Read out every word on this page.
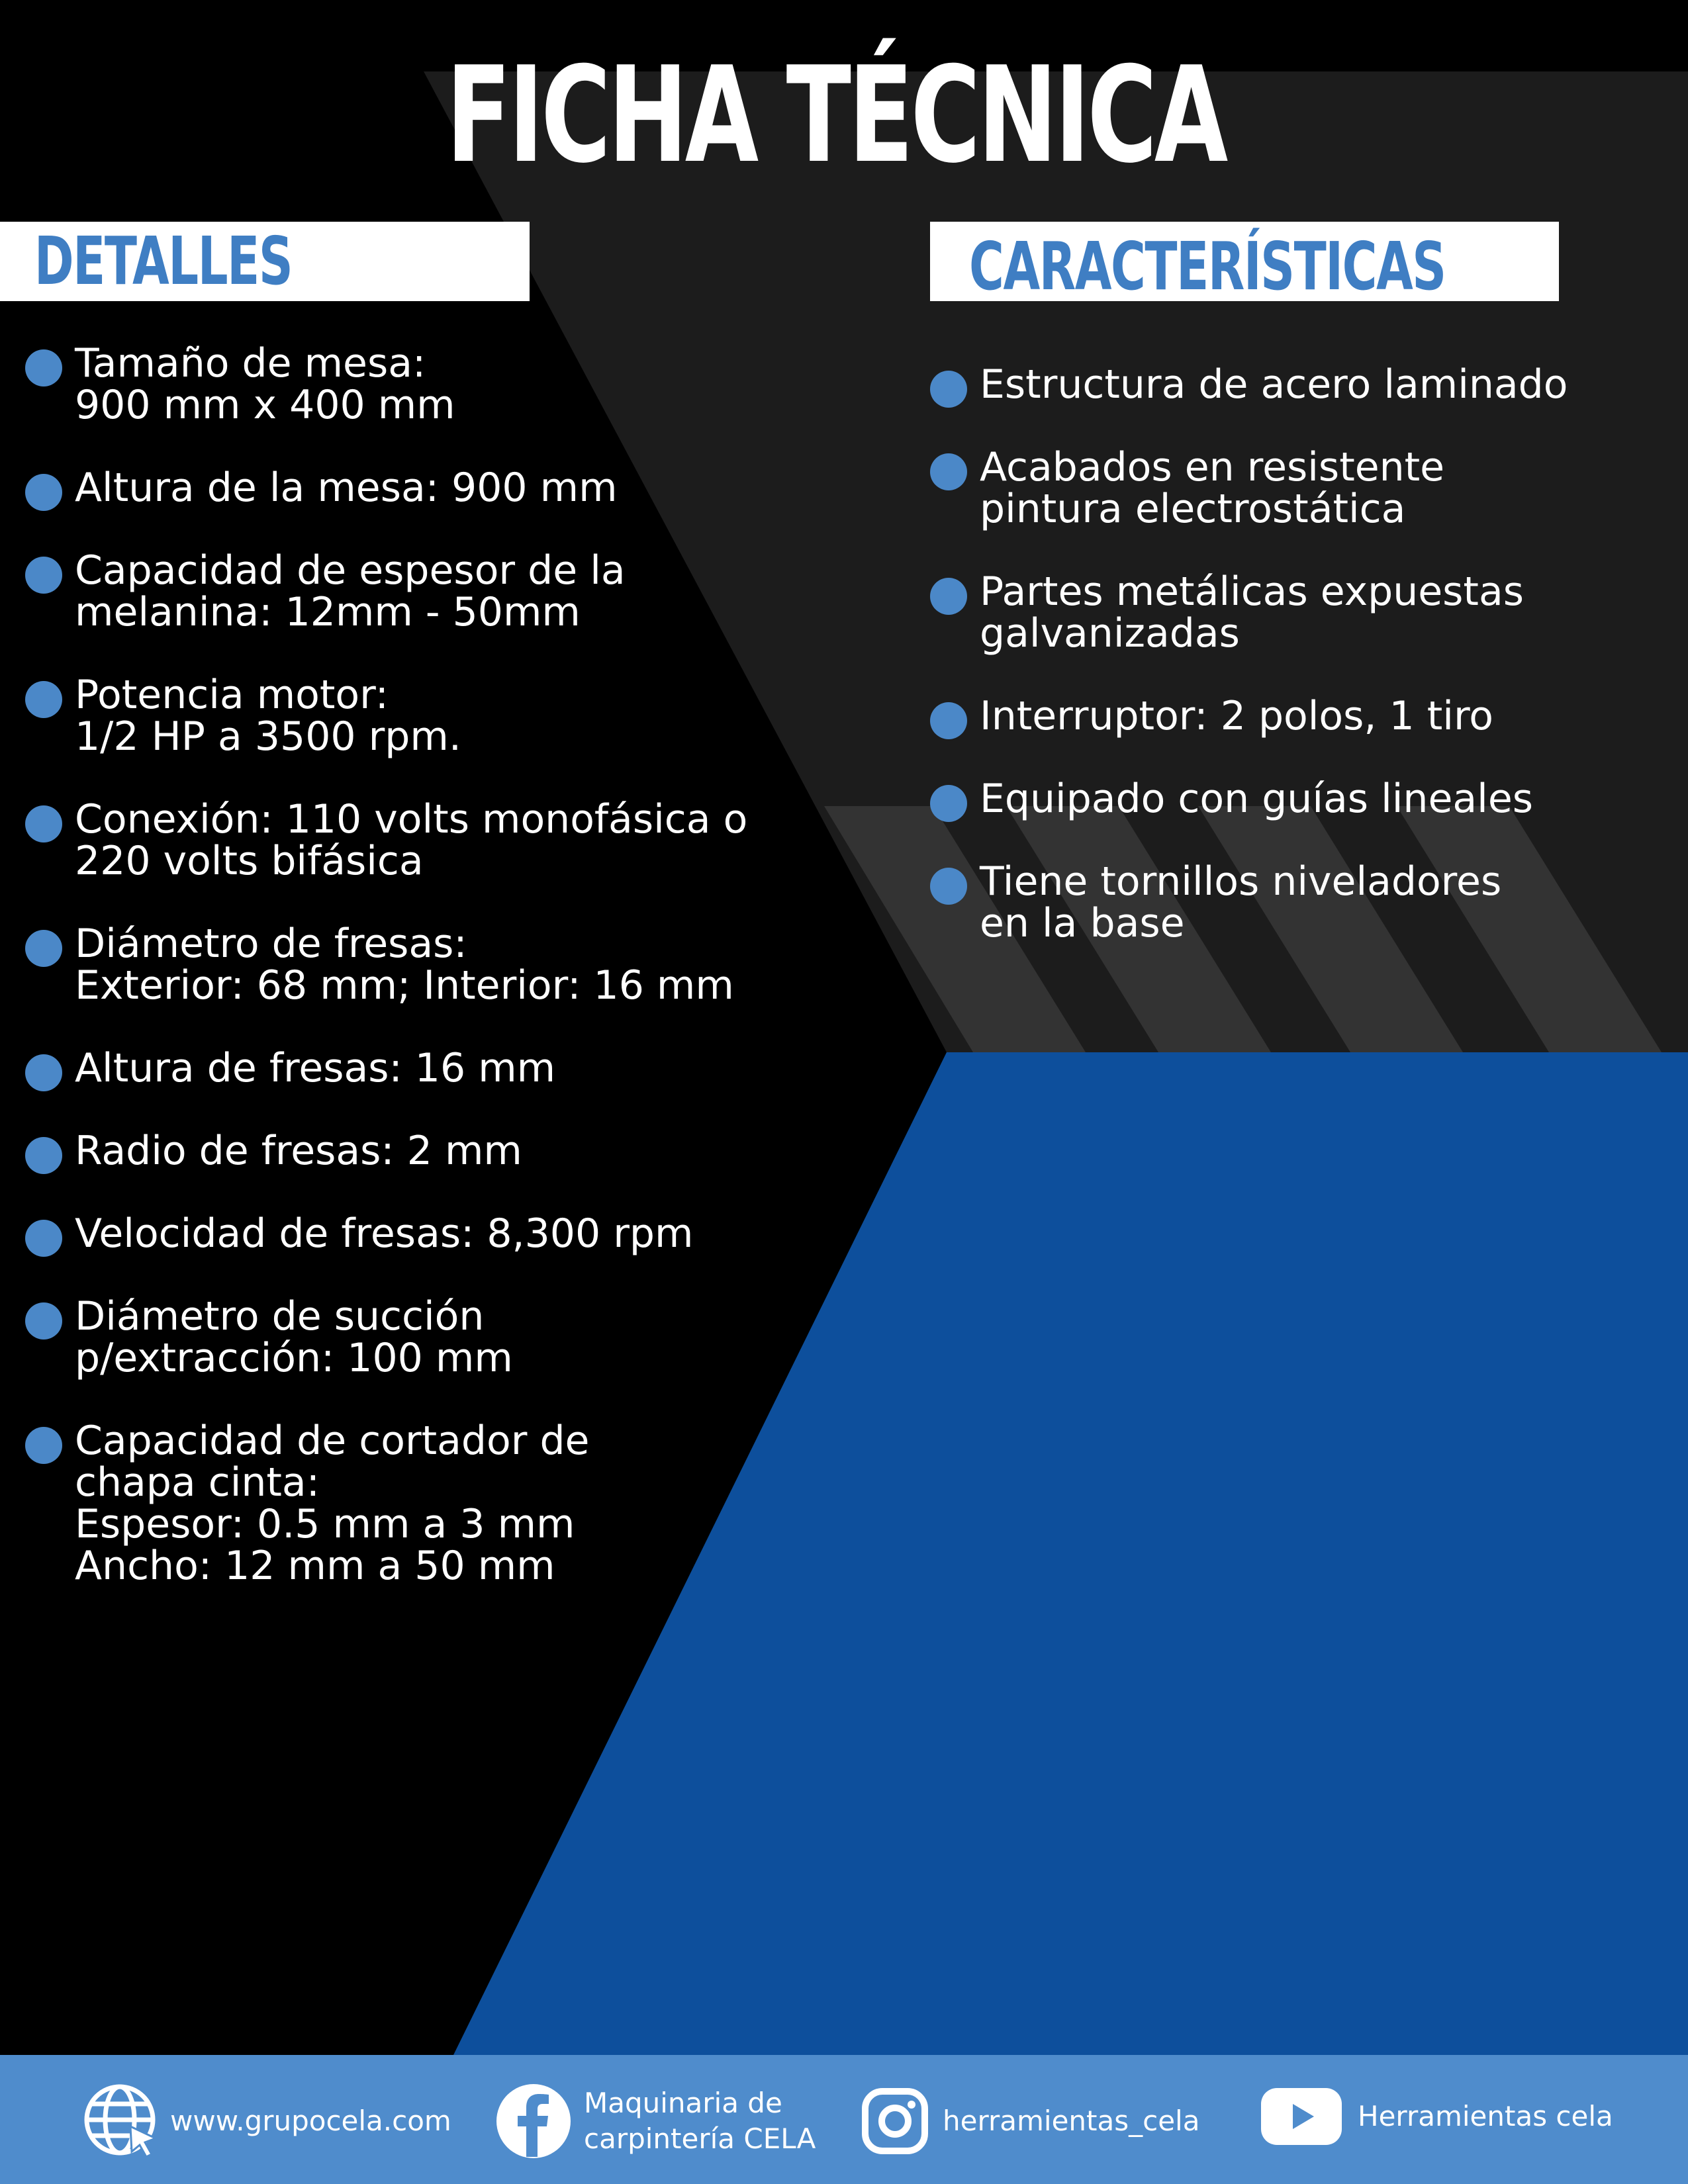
FICHA TÉCNICA
DETALLES	CARACTERÍSTICAS
Tamaño de mesa:
900 mm x 400 mm
Altura de la mesa: 900 mm
Capacidad de espesor de la
melanina: 12mm - 50mm
Potencia motor:
1/2 HP a 3500 rpm.
Conexión: 110 volts monofásica o
220 volts bifásica
Diámetro de fresas:
Exterior: 68 mm; Interior: 16 mm
Altura de fresas: 16 mm
Radio de fresas: 2 mm
Velocidad de fresas: 8,300 rpm
Diámetro de succión
p/extracción: 100 mm
Capacidad de cortador de
chapa cinta:
Espesor: 0.5 mm a 3 mm
Ancho: 12 mm a 50 mm
Estructura de acero laminado
Acabados en resistente
pintura electrostática
Partes metálicas expuestas
galvanizadas
Interruptor: 2 polos, 1 tiro
Equipado con guías lineales
Tiene tornillos niveladores
en la base
www.grupocela.com
Maquinaria de
carpintería CELA
herramientas_cela	Herramientas cela
